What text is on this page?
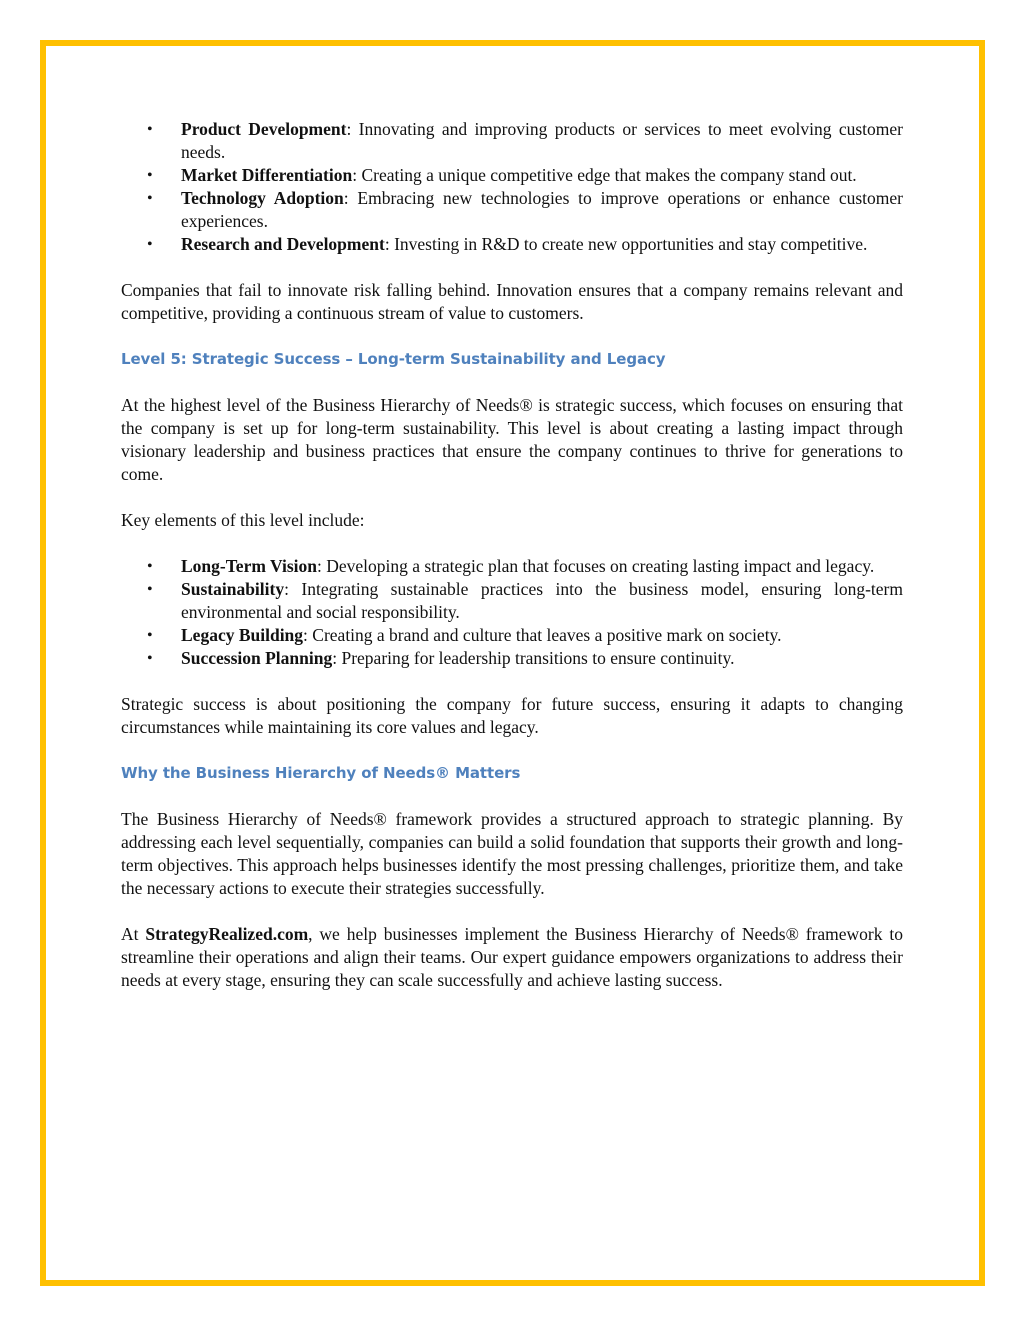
• Product Development: Innovating and improving products or services to meet evolving customer needs.
• Market Differentiation: Creating a unique competitive edge that makes the company stand out.
• Technology Adoption: Embracing new technologies to improve operations or enhance customer experiences.
• Research and Development: Investing in R&D to create new opportunities and stay competitive.

Companies that fail to innovate risk falling behind. Innovation ensures that a company remains relevant and competitive, providing a continuous stream of value to customers.

Level 5: Strategic Success – Long-term Sustainability and Legacy

At the highest level of the Business Hierarchy of Needs® is strategic success, which focuses on ensuring that the company is set up for long-term sustainability. This level is about creating a lasting impact through visionary leadership and business practices that ensure the company continues to thrive for generations to come.

Key elements of this level include:

• Long-Term Vision: Developing a strategic plan that focuses on creating lasting impact and legacy.
• Sustainability: Integrating sustainable practices into the business model, ensuring long-term environmental and social responsibility.
• Legacy Building: Creating a brand and culture that leaves a positive mark on society.
• Succession Planning: Preparing for leadership transitions to ensure continuity.

Strategic success is about positioning the company for future success, ensuring it adapts to changing circumstances while maintaining its core values and legacy.

Why the Business Hierarchy of Needs® Matters

The Business Hierarchy of Needs® framework provides a structured approach to strategic planning. By addressing each level sequentially, companies can build a solid foundation that supports their growth and long-term objectives. This approach helps businesses identify the most pressing challenges, prioritize them, and take the necessary actions to execute their strategies successfully.

At StrategyRealized.com, we help businesses implement the Business Hierarchy of Needs® framework to streamline their operations and align their teams. Our expert guidance empowers organizations to address their needs at every stage, ensuring they can scale successfully and achieve lasting success.
